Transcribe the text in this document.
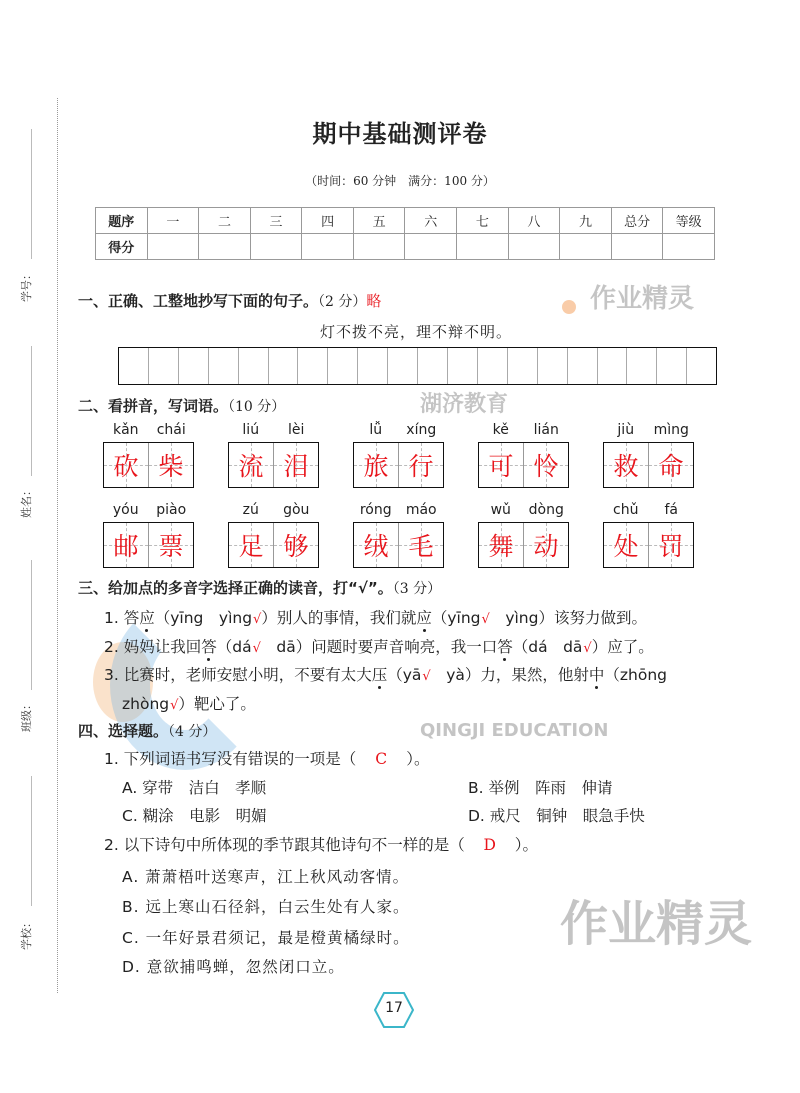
作业精灵
湖济教育
QINGJI EDUCATION
作业精灵
学号：
姓名：
班级：
学校：
期中基础测评卷
（时间：60 分钟　满分：100 分）
题序	一	二	三	四	五	六	七	八	九	总分	等级
得分											
一、正确、工整地抄写下面的句子。（2 分）略
灯不拨不亮，理不辩不明。
二、看拼音，写词语。（10 分）
kǎn	chái
砍 柴
liú	lèi
流 泪
lǚ	xíng
旅 行
kě	lián
可 怜
jiù	mìng
救 命
yóu	piào
邮 票
zú	gòu
足 够
róng	máo
绒 毛
wǔ	dòng
舞 动
chǔ	fá
处 罚
三、给加点的多音字选择正确的读音，打“√”。（3 分）
1. 答应（yīng　yìng√）别人的事情，我们就应（yīng√　yìng）该努力做到。
2. 妈妈让我回答（dá√　dā）问题时要声音响亮，我一口答（dá　dā√）应了。
3. 比赛时，老师安慰小明，不要有太大压（yā√　yà）力，果然，他射中（zhōng
zhòng√）靶心了。
四、选择题。（4 分）
1. 下列词语书写没有错误的一项是（ C ）。
A. 穿带　洁白　孝顺	B. 举例　阵雨　伸请
C. 糊涂　电影　明媚	D. 戒尺　铜钟　眼急手快
2. 以下诗句中所体现的季节跟其他诗句不一样的是（ D ）。
A. 萧萧梧叶送寒声，江上秋风动客情。
B. 远上寒山石径斜，白云生处有人家。
C. 一年好景君须记，最是橙黄橘绿时。
D. 意欲捕鸣蝉，忽然闭口立。
17
